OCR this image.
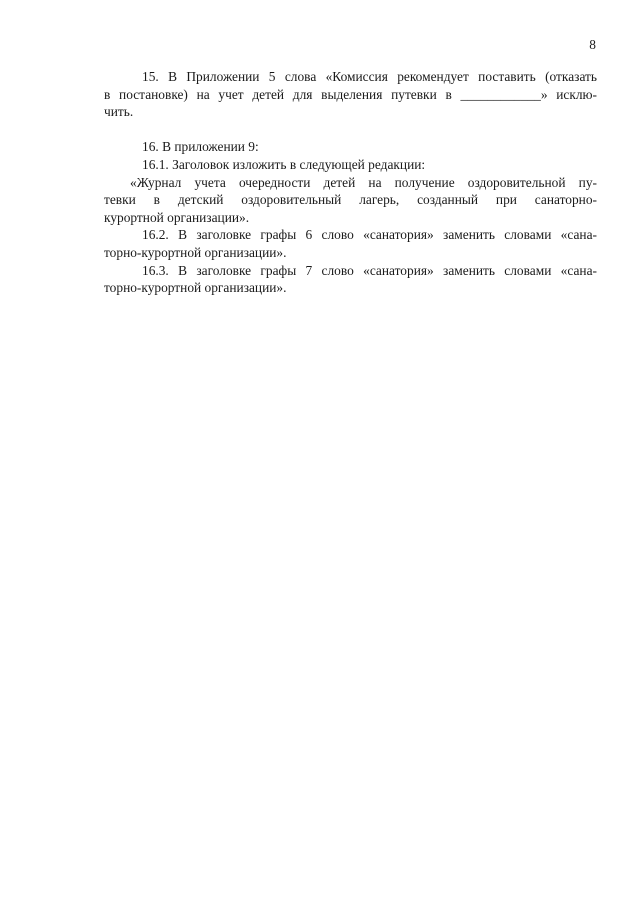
8
15. В Приложении 5 слова «Комиссия рекомендует поставить (отказать
в постановке) на учет детей для выделения путевки в ____________» исклю-
чить.
16. В приложении 9:
16.1. Заголовок изложить в следующей редакции:
«Журнал учета очередности детей на получение оздоровительной пу-
тевки в детский оздоровительный лагерь, созданный при санаторно-
курортной организации».
16.2. В заголовке графы 6 слово «санатория» заменить словами «сана-
торно-курортной организации».
16.3. В заголовке графы 7 слово «санатория» заменить словами «сана-
торно-курортной организации».
